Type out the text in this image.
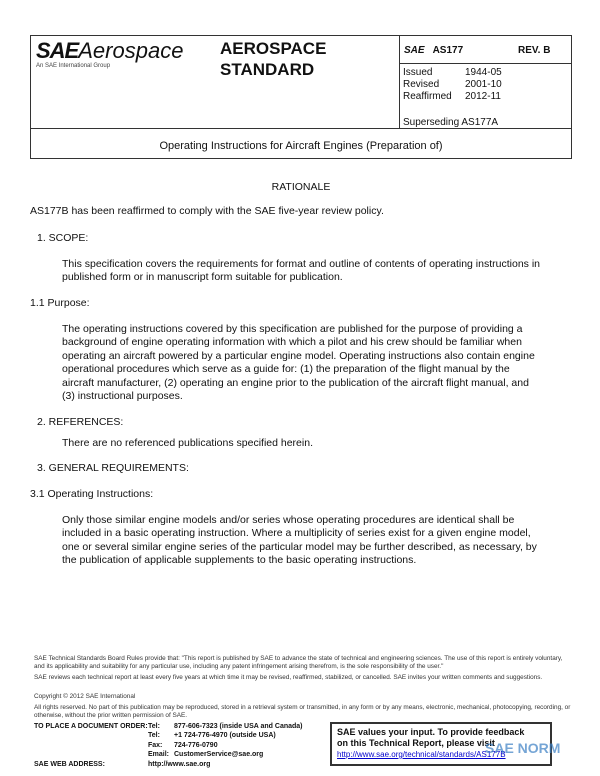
SAEAerospace
An SAE International Group
AEROSPACE
STANDARD
SAE AS177	REV. B
Issued	1944-05
Revised	2001-10
Reaffirmed 2012-11
Superseding AS177A
Operating Instructions for Aircraft Engines (Preparation of)
RATIONALE
AS177B has been reaffirmed to comply with the SAE five-year review policy.
1. SCOPE:
This specification covers the requirements for format and outline of contents of operating instructions in published form or in manuscript form suitable for publication.
1.1 Purpose:
The operating instructions covered by this specification are published for the purpose of providing a background of engine operating information with which a pilot and his crew should be familiar when operating an aircraft powered by a particular engine model. Operating instructions also contain engine operational procedures which serve as a guide for: (1) the preparation of the flight manual by the aircraft manufacturer, (2) operating an engine prior to the publication of the aircraft flight manual, and (3) instructional purposes.
2. REFERENCES:
There are no referenced publications specified herein.
3. GENERAL REQUIREMENTS:
3.1 Operating Instructions:
Only those similar engine models and/or series whose operating procedures are identical shall be included in a basic operating instruction. Where a multiplicity of series exist for a given engine model, one or several similar engine series of the particular model may be further described, as necessary, by the publication of applicable supplements to the basic operating instructions.
SAE Technical Standards Board Rules provide that: "This report is published by SAE to advance the state of technical and engineering sciences. The use of this report is entirely voluntary, and its applicability and suitability for any particular use, including any patent infringement arising therefrom, is the sole responsibility of the user."
SAE reviews each technical report at least every five years at which time it may be revised, reaffirmed, stabilized, or cancelled. SAE invites your written comments and suggestions.
Copyright © 2012 SAE International
All rights reserved. No part of this publication may be reproduced, stored in a retrieval system or transmitted, in any form or by any means, electronic, mechanical, photocopying, recording, or otherwise, without the prior written permission of SAE.
TO PLACE A DOCUMENT ORDER: Tel: 877-606-7323 (inside USA and Canada)
Tel: +1 724-776-4970 (outside USA)
Fax: 724-776-0790
Email: CustomerService@sae.org
SAE WEB ADDRESS:	http://www.sae.org
SAE values your input. To provide feedback
on this Technical Report, please visit
http://www.sae.org/technical/standards/AS177B
SAE NORM
